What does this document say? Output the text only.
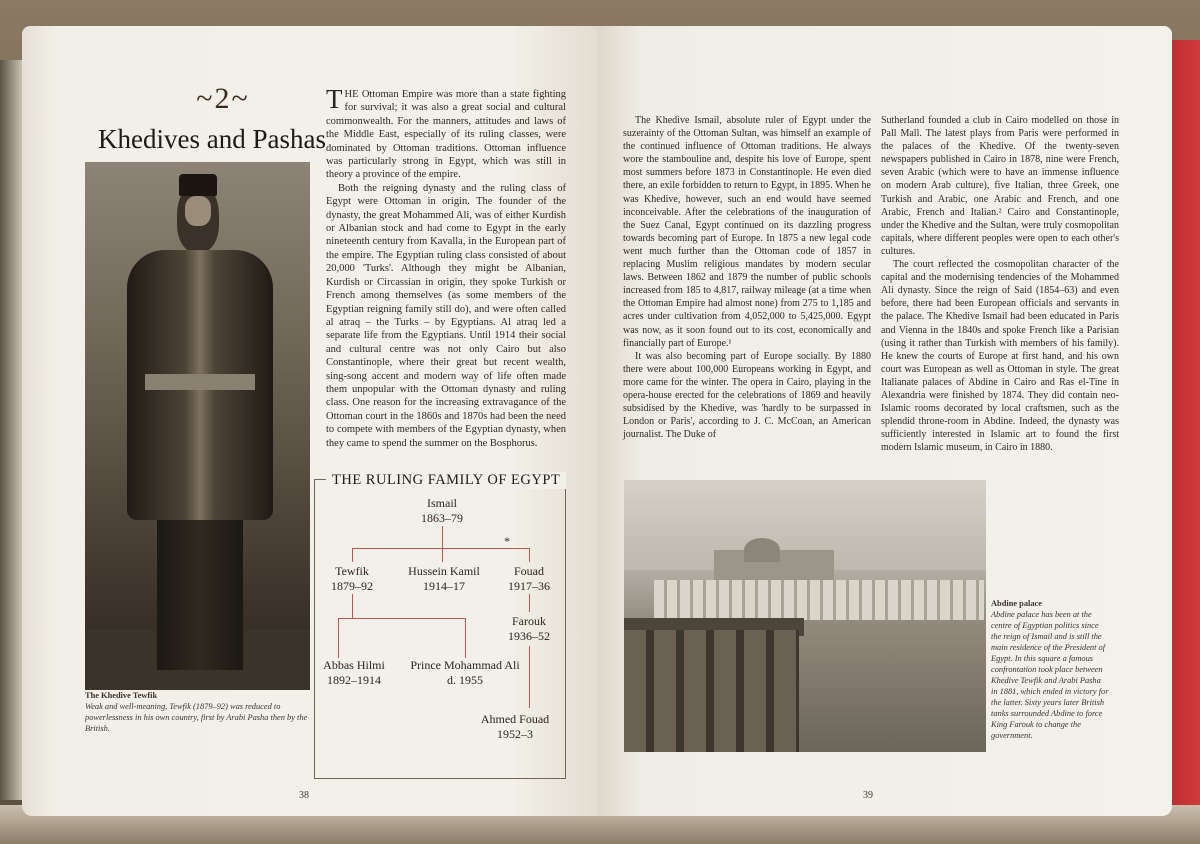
~2~
Khedives and Pashas
The Khedive Tewfik
Weak and well-meaning, Tewfik (1879–92) was reduced to powerlessness in his own country, first by Arabi Pasha then by the British.

THE Ottoman Empire was more than a state fighting for survival; it was also a great social and cultural commonwealth. For the manners, attitudes and laws of the Middle East, especially of its ruling classes, were dominated by Ottoman traditions. Ottoman influence was particularly strong in Egypt, which was still in theory a province of the empire.

Both the reigning dynasty and the ruling class of Egypt were Ottoman in origin. The founder of the dynasty, the great Mohammed Ali, was of either Kurdish or Albanian stock and had come to Egypt in the early nineteenth century from Kavalla, in the European part of the empire. The Egyptian ruling class consisted of about 20,000 'Turks'. Although they might be Albanian, Kurdish or Circassian in origin, they spoke Turkish or French among themselves (as some members of the Egyptian reigning family still do), and were often called al atraq – the Turks – by Egyptians. Al atraq led a separate life from the Egyptians. Until 1914 their social and cultural centre was not only Cairo but also Constantinople, where their great but recent wealth, sing-song accent and modern way of life often made them unpopular with the Ottoman dynasty and ruling class. One reason for the increasing extravagance of the Ottoman court in the 1860s and 1870s had been the need to compete with members of the Egyptian dynasty, when they came to spend the summer on the Bosphorus.

THE RULING FAMILY OF EGYPT
*
Ismail
1863–79
Tewfik
1879–92
Hussein Kamil
1914–17
Fouad
1917–36
Farouk
1936–52
Abbas Hilmi
1892–1914
Prince Mohammad Ali
d. 1955
Ahmed Fouad
1952–3
38

The Khedive Ismail, absolute ruler of Egypt under the suzerainty of the Ottoman Sultan, was himself an example of the continued influence of Ottoman traditions. He always wore the stambouline and, despite his love of Europe, spent most summers before 1873 in Constantinople. He even died there, an exile forbidden to return to Egypt, in 1895. When he was Khedive, however, such an end would have seemed inconceivable. After the celebrations of the inauguration of the Suez Canal, Egypt continued on its dazzling progress towards becoming part of Europe. In 1875 a new legal code went much further than the Ottoman code of 1857 in replacing Muslim religious mandates by modern secular laws. Between 1862 and 1879 the number of public schools increased from 185 to 4,817, railway mileage (at a time when the Ottoman Empire had almost none) from 275 to 1,185 and acres under cultivation from 4,052,000 to 5,425,000. Egypt was now, as it soon found out to its cost, economically and financially part of Europe.¹

It was also becoming part of Europe socially. By 1880 there were about 100,000 Europeans working in Egypt, and more came for the winter. The opera in Cairo, playing in the opera-house erected for the celebrations of 1869 and heavily subsidised by the Khedive, was 'hardly to be surpassed in London or Paris', according to J. C. McCoan, an American journalist. The Duke of

Sutherland founded a club in Cairo modelled on those in Pall Mall. The latest plays from Paris were performed in the palaces of the Khedive. Of the twenty-seven newspapers published in Cairo in 1878, nine were French, seven Arabic (which were to have an immense influence on modern Arab culture), five Italian, three Greek, one Turkish and Arabic, one Arabic and French, and one Arabic, French and Italian.² Cairo and Constantinople, under the Khedive and the Sultan, were truly cosmopolitan capitals, where different peoples were open to each other's cultures.

The court reflected the cosmopolitan character of the capital and the modernising tendencies of the Mohammed Ali dynasty. Since the reign of Said (1854–63) and even before, there had been European officials and servants in the palace. The Khedive Ismail had been educated in Paris and Vienna in the 1840s and spoke French like a Parisian (using it rather than Turkish with members of his family). He knew the courts of Europe at first hand, and his own court was European as well as Ottoman in style. The great Italianate palaces of Abdine in Cairo and Ras el-Tine in Alexandria were finished by 1874. They did contain neo-Islamic rooms decorated by local craftsmen, such as the splendid throne-room in Abdine. Indeed, the dynasty was sufficiently interested in Islamic art to found the first modern Islamic museum, in Cairo in 1880.

Abdine palace
Abdine palace has been at the centre of Egyptian politics since the reign of Ismail and is still the main residence of the President of Egypt. In this square a famous confrontation took place between Khedive Tewfik and Arabi Pasha in 1881, which ended in victory for the latter. Sixty years later British tanks surrounded Abdine to force King Farouk to change the government.
39
